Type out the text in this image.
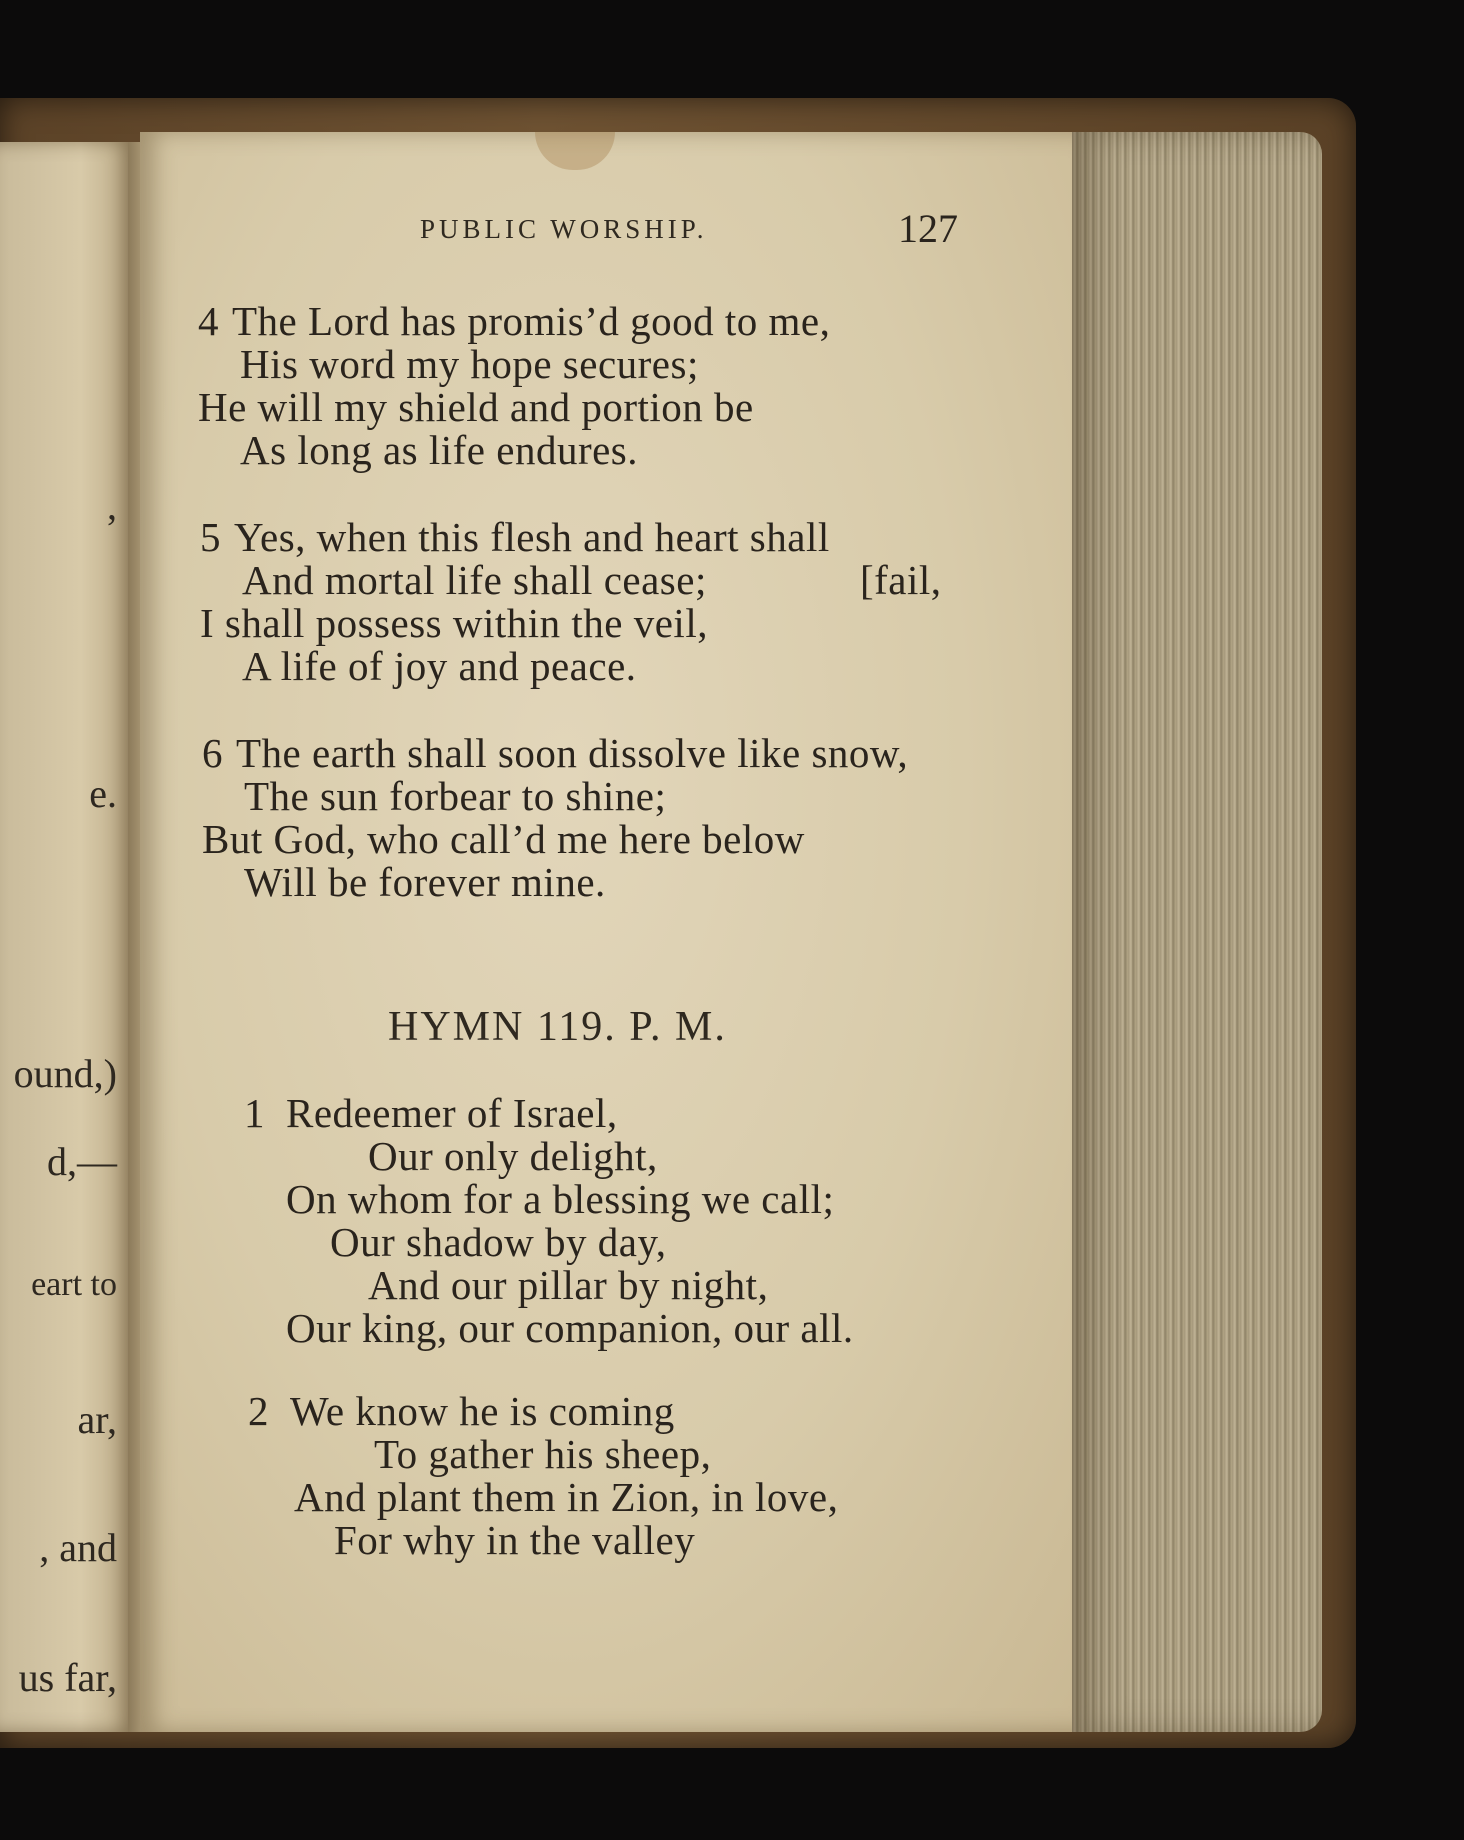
,
e.
ound,)
d,—
eart to
ar,
, and
us far,
PUBLIC WORSHIP.	127
4 The Lord has promis’d good to me,
His word my hope secures;
He will my shield and portion be
As long as life endures.
5 Yes, when this flesh and heart shall
And mortal life shall cease;
I shall possess within the veil,
A life of joy and peace.
[fail,
6 The earth shall soon dissolve like snow,
The sun forbear to shine;
But God, who call’d me here below
Will be forever mine.
HYMN 119. P. M.
1 Redeemer of Israel,
Our only delight,
On whom for a blessing we call;
Our shadow by day,
And our pillar by night,
Our king, our companion, our all.
2 We know he is coming
To gather his sheep,
And plant them in Zion, in love,
For why in the valley
